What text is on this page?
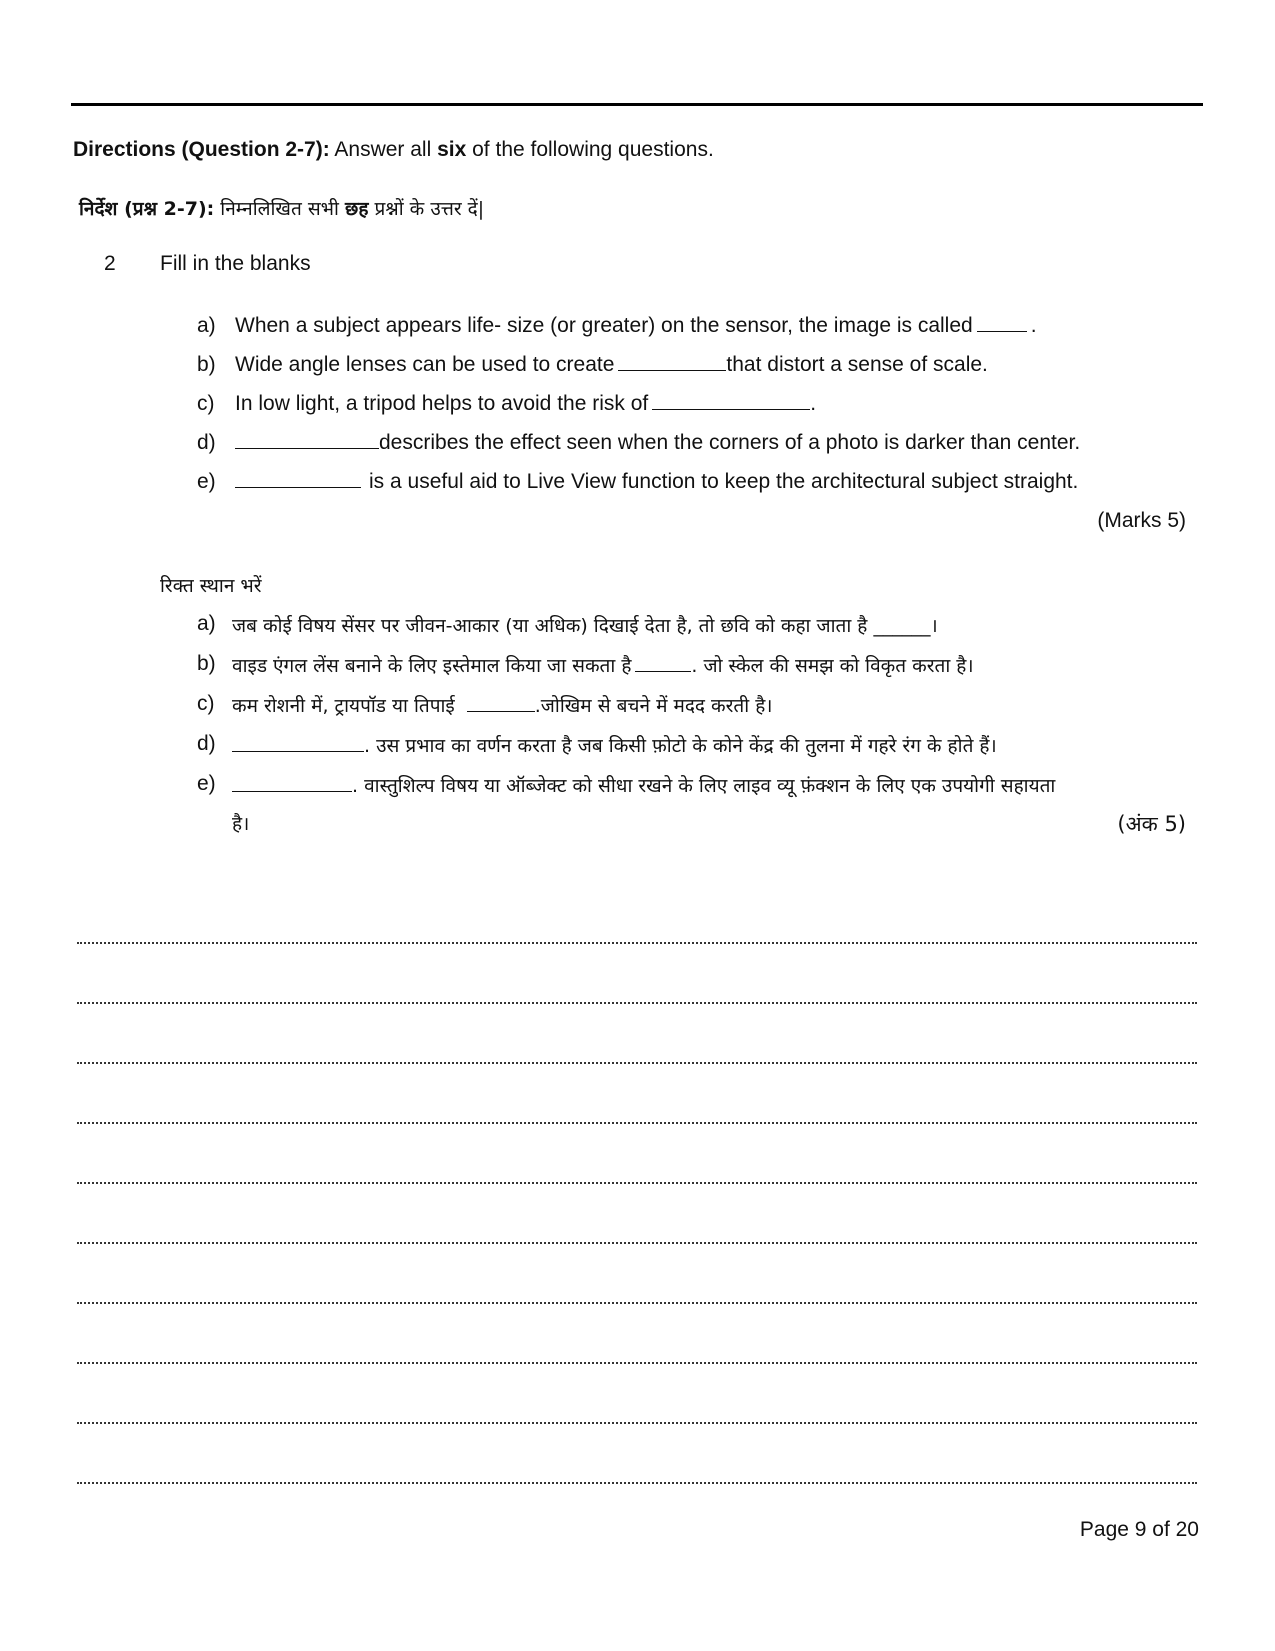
Directions (Question 2-7): Answer all six of the following questions.
निर्देश (प्रश्न 2-7): निम्नलिखित सभी छह प्रश्नों के उत्तर दें|
2 Fill in the blanks
a) When a subject appears life- size (or greater) on the sensor, the image is called	.
b) Wide angle lenses can be used to create	that distort a sense of scale.
c) In low light, a tripod helps to avoid the risk of	.
d)	describes the effect seen when the corners of a photo is darker than center.
e)	is a useful aid to Live View function to keep the architectural subject straight.
(Marks 5)
रिक्त स्थान भरें
a) जब कोई विषय सेंसर पर जीवन-आकार (या अधिक) दिखाई देता है, तो छवि को कहा जाता है ______।
b) वाइड एंगल लेंस बनाने के लिए इस्तेमाल किया जा सकता है	. जो स्केल की समझ को विकृत करता है।
c) कम रोशनी में, ट्रायपॉड या तिपाई	.जोखिम से बचने में मदद करती है।
d)	. उस प्रभाव का वर्णन करता है जब किसी फ़ोटो के कोने केंद्र की तुलना में गहरे रंग के होते हैं।
e)	. वास्तुशिल्प विषय या ऑब्जेक्ट को सीधा रखने के लिए लाइव व्यू फ़ंक्शन के लिए एक उपयोगी सहायता
है।	(अंक 5)
Page 9 of 20
